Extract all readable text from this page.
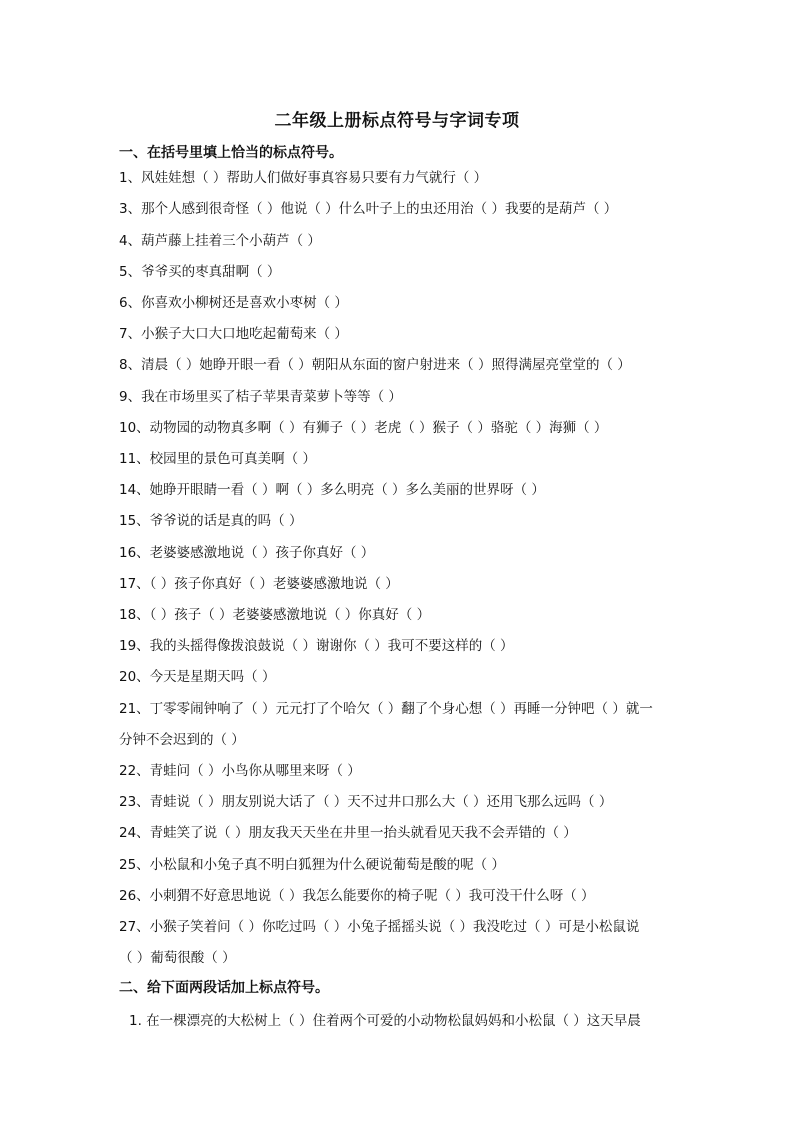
二年级上册标点符号与字词专项
一、在括号里填上恰当的标点符号。
1、风娃娃想（ ）帮助人们做好事真容易只要有力气就行（ ）
3、那个人感到很奇怪（ ）他说（ ）什么叶子上的虫还用治（ ）我要的是葫芦（ ）
4、葫芦藤上挂着三个小葫芦（ ）
5、爷爷买的枣真甜啊（ ）
6、你喜欢小柳树还是喜欢小枣树（ ）
7、小猴子大口大口地吃起葡萄来（ ）
8、清晨（ ）她睁开眼一看（ ）朝阳从东面的窗户射进来（ ）照得满屋亮堂堂的（ ）
9、我在市场里买了桔子苹果青菜萝卜等等（ ）
10、动物园的动物真多啊（ ）有狮子（ ）老虎（ ）猴子（ ）骆驼（ ）海狮（ ）
11、校园里的景色可真美啊（ ）
14、她睁开眼睛一看（ ）啊（ ）多么明亮（ ）多么美丽的世界呀（ ）
15、爷爷说的话是真的吗（ ）
16、老婆婆感激地说（ ）孩子你真好（ ）
17、（ ）孩子你真好（ ）老婆婆感激地说（ ）
18、（ ）孩子（ ）老婆婆感激地说（ ）你真好（ ）
19、我的头摇得像拨浪鼓说（ ）谢谢你（ ）我可不要这样的（ ）
20、今天是星期天吗（ ）
21、丁零零闹钟响了（ ）元元打了个哈欠（ ）翻了个身心想（ ）再睡一分钟吧（ ）就一
分钟不会迟到的（ ）
22、青蛙问（ ）小鸟你从哪里来呀（ ）
23、青蛙说（ ）朋友别说大话了（ ）天不过井口那么大（ ）还用飞那么远吗（ ）
24、青蛙笑了说（ ）朋友我天天坐在井里一抬头就看见天我不会弄错的（ ）
25、小松鼠和小兔子真不明白狐狸为什么硬说葡萄是酸的呢（ ）
26、小刺猬不好意思地说（ ）我怎么能要你的椅子呢（ ）我可没干什么呀（ ）
27、小猴子笑着问（ ）你吃过吗（ ）小兔子摇摇头说（ ）我没吃过（ ）可是小松鼠说
（ ）葡萄很酸（ ）
二、给下面两段话加上标点符号。
1. 在一棵漂亮的大松树上（ ）住着两个可爱的小动物松鼠妈妈和小松鼠（ ）这天早晨
